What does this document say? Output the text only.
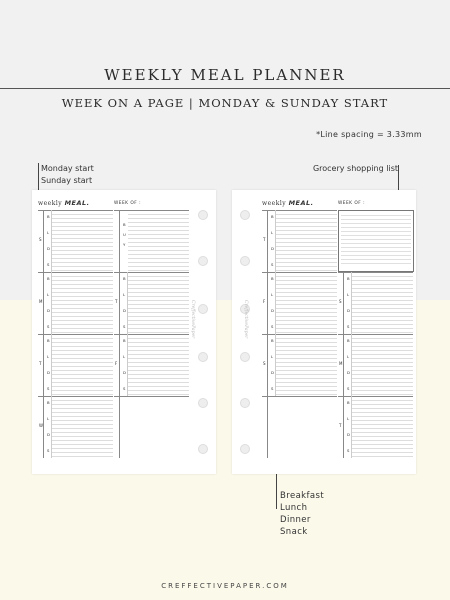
WEEKLY MEAL PLANNER
WEEK ON A PAGE | MONDAY & SUNDAY START
*Line spacing = 3.33mm
Monday start
Sunday start
Grocery shopping list
Breakfast
Lunch
Dinner
Snack
weekly MEAL.	WEEK OF :
B
L
D
S
S
B
L
D
S
M
B
L
D
S
T
B
L
D
S
W
B
U
Y
B
L
D
S
T
B
L
D
S
F
CreffectivePaper
weekly MEAL.	WEEK OF :
B
L
D
S
T
B
L
D
S
F
B
L
D
S
S
B
L
D
S
S
B
L
D
S
M
B
L
D
S
T
CreffectivePaper
CREFFECTIVEPAPER.COM
